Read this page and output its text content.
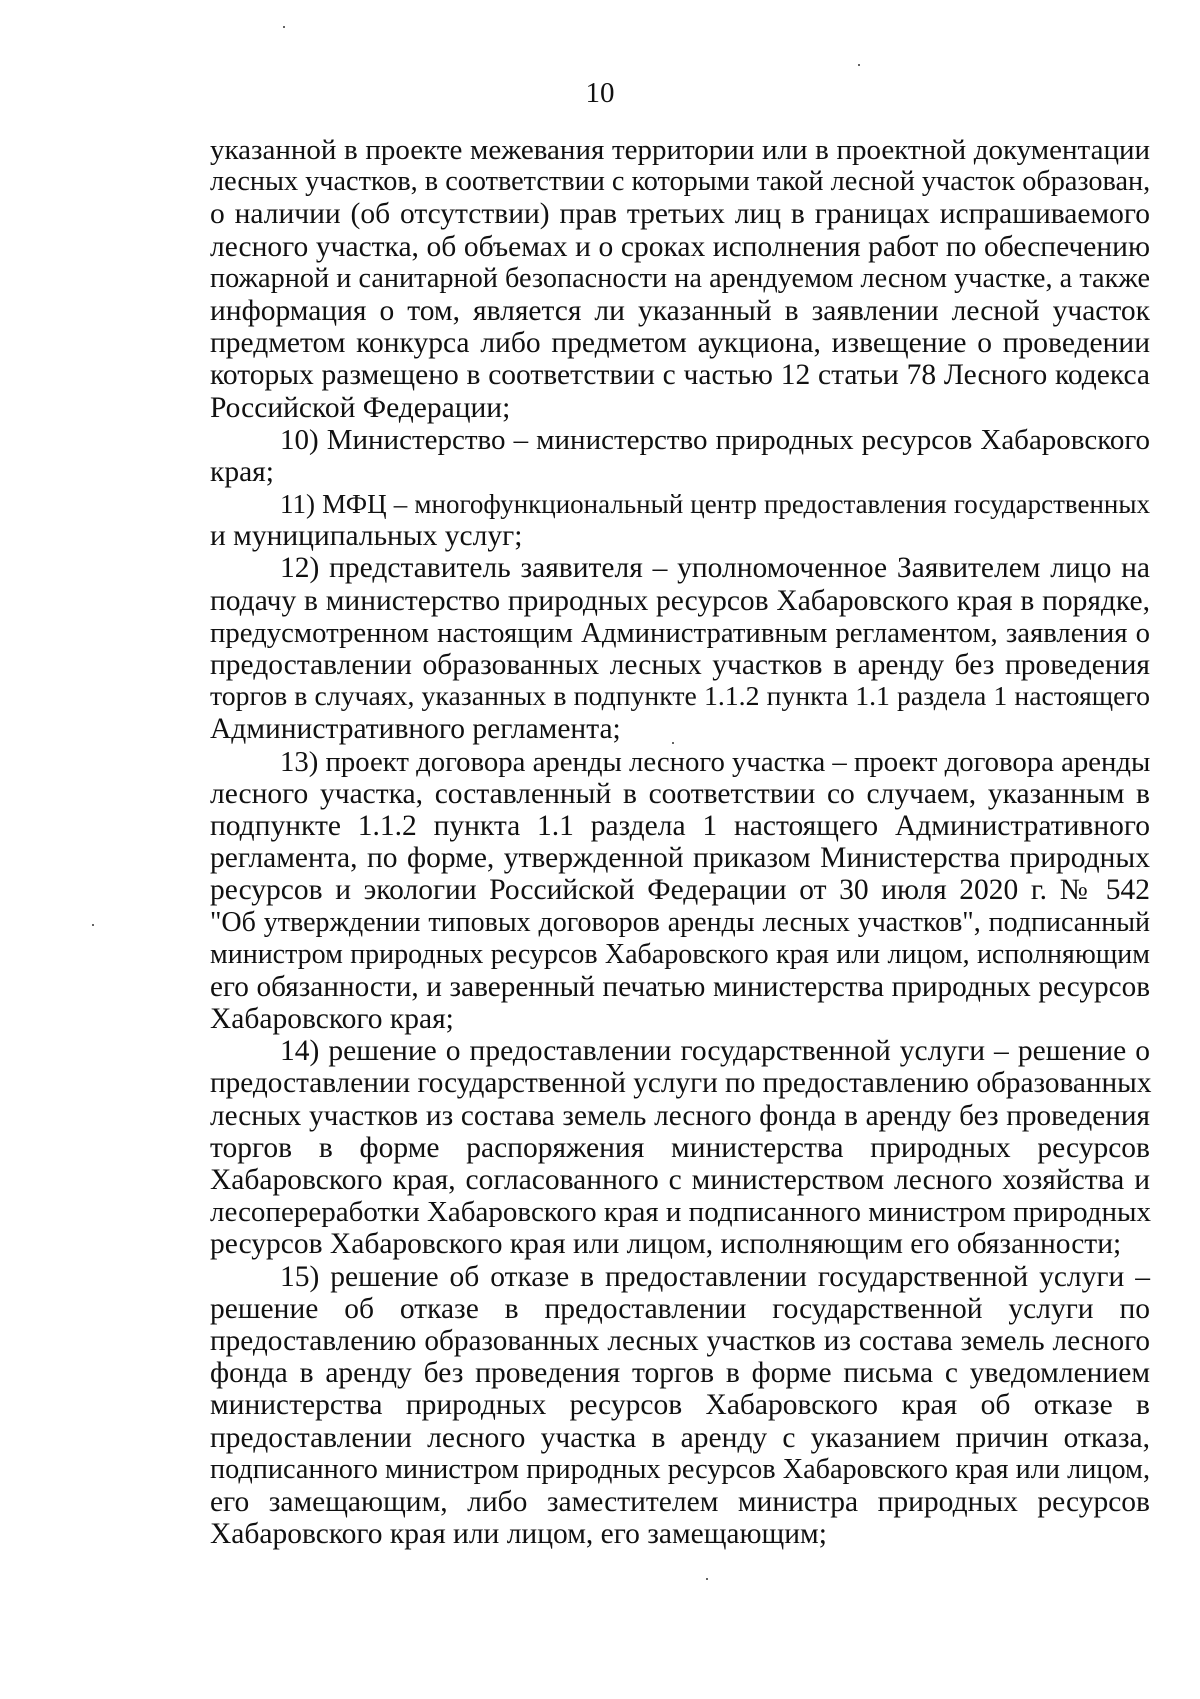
10
указанной в проекте межевания территории или в проектной документации
лесных участков, в соответствии с которыми такой лесной участок образован,
о наличии (об отсутствии) прав третьих лиц в границах испрашиваемого
лесного участка, об объемах и о сроках исполнения работ по обеспечению
пожарной и санитарной безопасности на арендуемом лесном участке, а также
информация о том, является ли указанный в заявлении лесной участок
предметом конкурса либо предметом аукциона, извещение о проведении
которых размещено в соответствии с частью 12 статьи 78 Лесного кодекса
Российской Федерации;
10) Министерство – министерство природных ресурсов Хабаровского
края;
11) МФЦ – многофункциональный центр предоставления государственных
и муниципальных услуг;
12) представитель заявителя – уполномоченное Заявителем лицо на
подачу в министерство природных ресурсов Хабаровского края в порядке,
предусмотренном настоящим Административным регламентом, заявления о
предоставлении образованных лесных участков в аренду без проведения
торгов в случаях, указанных в подпункте 1.1.2 пункта 1.1 раздела 1 настоящего
Административного регламента;
13) проект договора аренды лесного участка – проект договора аренды
лесного участка, составленный в соответствии со случаем, указанным в
подпункте 1.1.2 пункта 1.1 раздела 1 настоящего Административного
регламента, по форме, утвержденной приказом Министерства природных
ресурсов и экологии Российской Федерации от 30 июля 2020 г. № 542
"Об утверждении типовых договоров аренды лесных участков", подписанный
министром природных ресурсов Хабаровского края или лицом, исполняющим
его обязанности, и заверенный печатью министерства природных ресурсов
Хабаровского края;
14) решение о предоставлении государственной услуги – решение о
предоставлении государственной услуги по предоставлению образованных
лесных участков из состава земель лесного фонда в аренду без проведения
торгов в форме распоряжения министерства природных ресурсов
Хабаровского края, согласованного с министерством лесного хозяйства и
лесопереработки Хабаровского края и подписанного министром природных
ресурсов Хабаровского края или лицом, исполняющим его обязанности;
15) решение об отказе в предоставлении государственной услуги –
решение об отказе в предоставлении государственной услуги по
предоставлению образованных лесных участков из состава земель лесного
фонда в аренду без проведения торгов в форме письма с уведомлением
министерства природных ресурсов Хабаровского края об отказе в
предоставлении лесного участка в аренду с указанием причин отказа,
подписанного министром природных ресурсов Хабаровского края или лицом,
его замещающим, либо заместителем министра природных ресурсов
Хабаровского края или лицом, его замещающим;
